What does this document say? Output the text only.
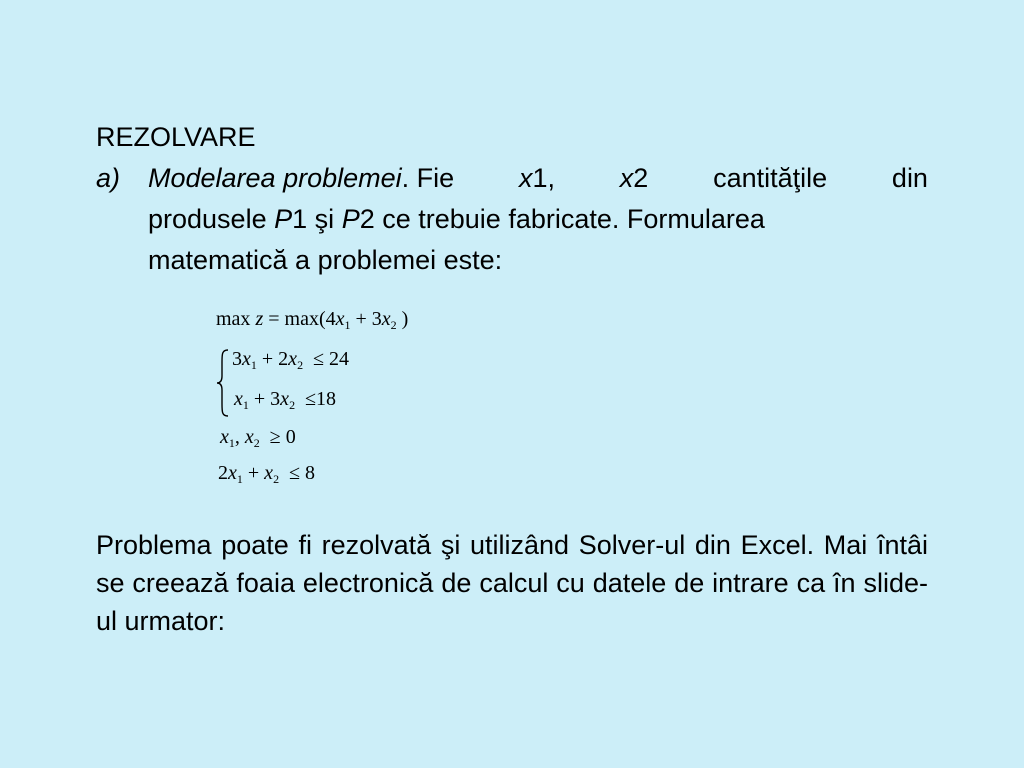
REZOLVARE
a) Modelarea problemei. Fie x1, x2 cantităţile din
produsele P1 şi P2 ce trebuie fabricate. Formularea
matematică a problemei este:
$\max z = \max(4x_1 + 3x_2$ )
$3x_1 + 2x_2 \le 24$
$x_1 + 3x_2 \le 18$
$x_1$, $x_2 \ge 0$
$2x_1 + x_2 \le 8$
Problema poate fi rezolvată şi utilizând Solver-ul din Excel. Mai întâi se creează foaia electronică de calcul cu datele de intrare ca în slide-ul urmator:
